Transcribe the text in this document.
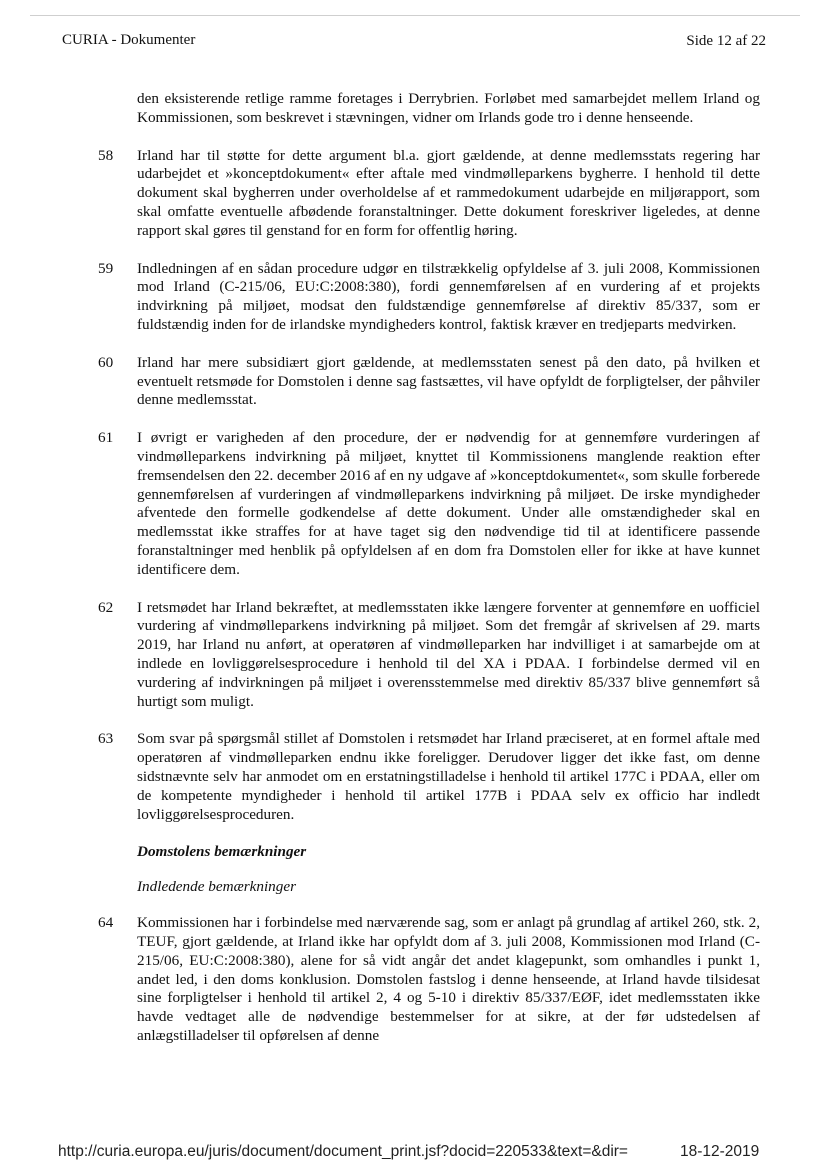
CURIA - Dokumenter	Side 12 af 22
den eksisterende retlige ramme foretages i Derrybrien. Forløbet med samarbejdet mellem Irland og Kommissionen, som beskrevet i stævningen, vidner om Irlands gode tro i denne henseende.
58 Irland har til støtte for dette argument bl.a. gjort gældende, at denne medlemsstats regering har udarbejdet et »konceptdokument« efter aftale med vindmølleparkens bygherre. I henhold til dette dokument skal bygherren under overholdelse af et rammedokument udarbejde en miljørapport, som skal omfatte eventuelle afbødende foranstaltninger. Dette dokument foreskriver ligeledes, at denne rapport skal gøres til genstand for en form for offentlig høring.
59 Indledningen af en sådan procedure udgør en tilstrækkelig opfyldelse af 3. juli 2008, Kommissionen mod Irland (C-215/06, EU:C:2008:380), fordi gennemførelsen af en vurdering af et projekts indvirkning på miljøet, modsat den fuldstændige gennemførelse af direktiv 85/337, som er fuldstændig inden for de irlandske myndigheders kontrol, faktisk kræver en tredjeparts medvirken.
60 Irland har mere subsidiært gjort gældende, at medlemsstaten senest på den dato, på hvilken et eventuelt retsmøde for Domstolen i denne sag fastsættes, vil have opfyldt de forpligtelser, der påhviler denne medlemsstat.
61 I øvrigt er varigheden af den procedure, der er nødvendig for at gennemføre vurderingen af vindmølleparkens indvirkning på miljøet, knyttet til Kommissionens manglende reaktion efter fremsendelsen den 22. december 2016 af en ny udgave af »konceptdokumentet«, som skulle forberede gennemførelsen af vurderingen af vindmølleparkens indvirkning på miljøet. De irske myndigheder afventede den formelle godkendelse af dette dokument. Under alle omstændigheder skal en medlemsstat ikke straffes for at have taget sig den nødvendige tid til at identificere passende foranstaltninger med henblik på opfyldelsen af en dom fra Domstolen eller for ikke at have kunnet identificere dem.
62 I retsmødet har Irland bekræftet, at medlemsstaten ikke længere forventer at gennemføre en uofficiel vurdering af vindmølleparkens indvirkning på miljøet. Som det fremgår af skrivelsen af 29. marts 2019, har Irland nu anført, at operatøren af vindmølleparken har indvilliget i at samarbejde om at indlede en lovliggørelsesprocedure i henhold til del XA i PDAA. I forbindelse dermed vil en vurdering af indvirkningen på miljøet i overensstemmelse med direktiv 85/337 blive gennemført så hurtigt som muligt.
63 Som svar på spørgsmål stillet af Domstolen i retsmødet har Irland præciseret, at en formel aftale med operatøren af vindmølleparken endnu ikke foreligger. Derudover ligger det ikke fast, om denne sidstnævnte selv har anmodet om en erstatningstilladelse i henhold til artikel 177C i PDAA, eller om de kompetente myndigheder i henhold til artikel 177B i PDAA selv ex officio har indledt lovliggørelsesproceduren.
Domstolens bemærkninger
Indledende bemærkninger
64 Kommissionen har i forbindelse med nærværende sag, som er anlagt på grundlag af artikel 260, stk. 2, TEUF, gjort gældende, at Irland ikke har opfyldt dom af 3. juli 2008, Kommissionen mod Irland (C-215/06, EU:C:2008:380), alene for så vidt angår det andet klagepunkt, som omhandles i punkt 1, andet led, i den doms konklusion. Domstolen fastslog i denne henseende, at Irland havde tilsidesat sine forpligtelser i henhold til artikel 2, 4 og 5-10 i direktiv 85/337/EØF, idet medlemsstaten ikke havde vedtaget alle de nødvendige bestemmelser for at sikre, at der før udstedelsen af anlægstilladelser til opførelsen af denne
http://curia.europa.eu/juris/document/document_print.jsf?docid=220533&text=&dir=	18-12-2019
